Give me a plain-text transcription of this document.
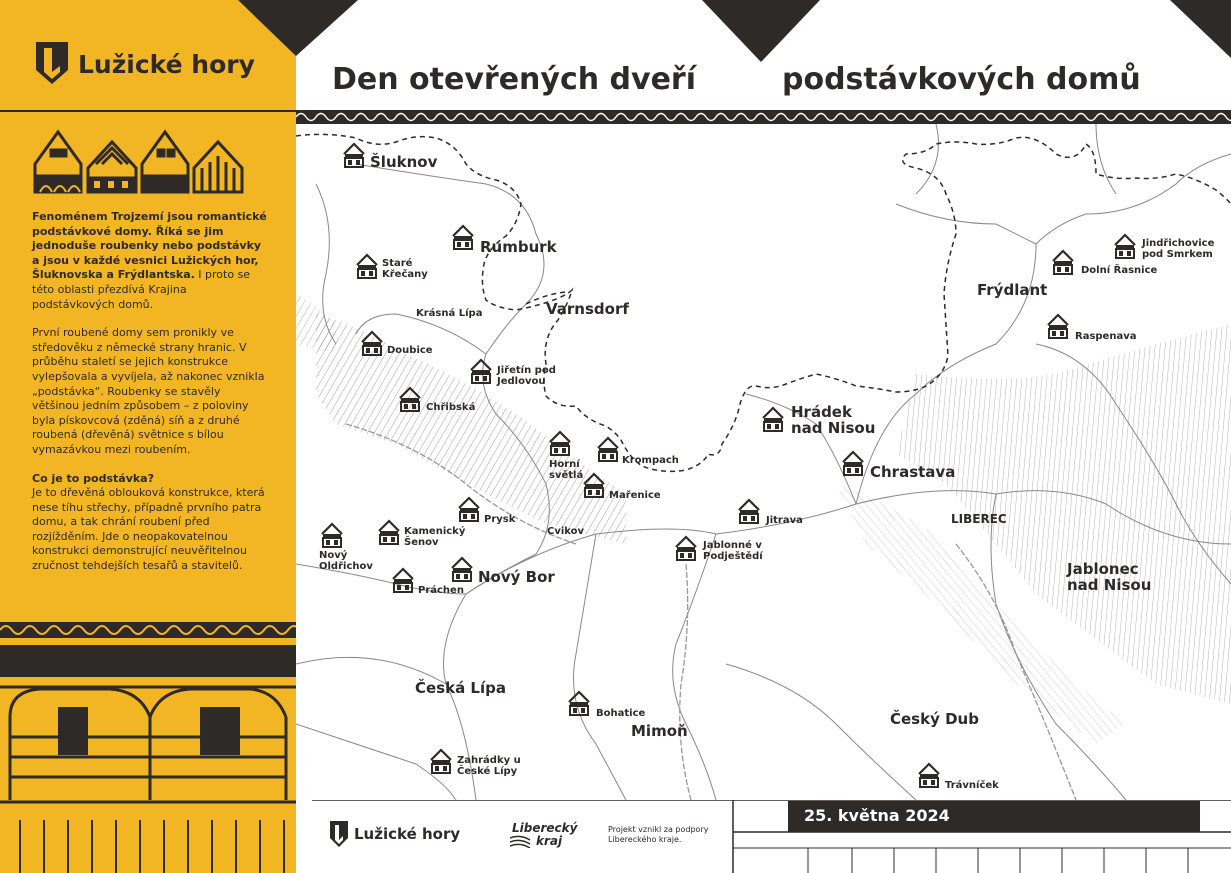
Lužické hory

Fenoménem Trojzemí jsou romantické podstávkové domy. Říká se jim jednoduše roubenky nebo podstávky a jsou v každé vesnici Lužických hor, Šluknovska a Frýdlantska. I proto se této oblasti přezdívá Krajina podstávkových domů.

První roubené domy sem pronikly ve středověku z německé strany hranic. V průběhu staletí se jejich konstrukce vylepšovala a vyvíjela, až nakonec vznikla „podstávka“. Roubenky se stavěly většinou jedním způsobem – z poloviny byla pískovcová (zděná) síň a z druhé roubená (dřevěná) světnice s bílou vymazávkou mezi roubením.

Co je to podstávka?

Je to dřevěná oblouková konstrukce, která nese tíhu střechy, případně prvního patra domu, a tak chrání roubení před rozjížděním. Jde o neopakovatelnou konstrukci demonstrující neuvěřitelnou zručnost tehdejších tesařů a stavitelů.

Den otevřených dveří	podstávkových domů
Šluknov
Rumburk
Staré Křečany
Krásná Lípa	Varnsdorf
Doubice
Jiřetín pod Jedlovou
Chřibská
Horní světlá
Krompach
Mařenice
Prysk
Kamenický Šenov
Cvikov
Nový Oldřichov
Nový Bor
Práchen
Jablonné v Podještědí
Jitrava
Hrádek nad Nisou
Chrastava
LIBEREC
Jablonec nad Nisou
Frýdlant
Dolní Řasnice
Jindřichovice pod Smrkem
Raspenava
Česká Lípa
Bohatice
Mimoň
Zahrádky u České Lípy
Český Dub
Trávníček
Lužické hory	Liberecký
kraj
Projekt vznikl za podpory Libereckého kraje.
25. května 2024
